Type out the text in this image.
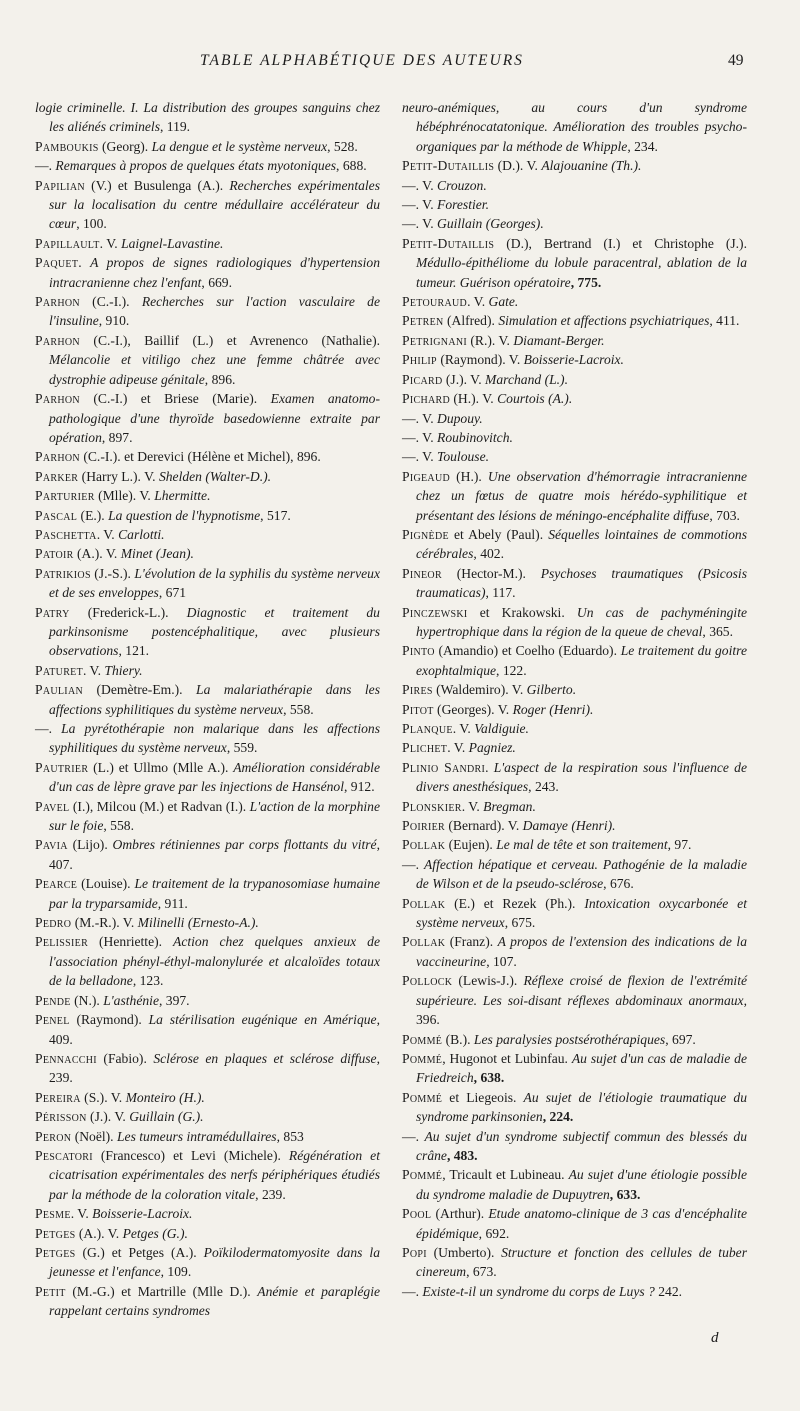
TABLE ALPHABÉTIQUE DES AUTEURS	49

logie criminelle. I. La distribution des groupes sanguins chez les aliénés criminels, 119.

Pamboukis (Georg). La dengue et le système nerveux, 528.

—. Remarques à propos de quelques états myotoniques, 688.

Papilian (V.) et Busulenga (A.). Recherches expérimentales sur la localisation du centre médullaire accélérateur du cœur, 100.

Papillault. V. Laignel-Lavastine.

Paquet. A propos de signes radiologiques d'hypertension intracranienne chez l'enfant, 669.

Parhon (C.-I.). Recherches sur l'action vasculaire de l'insuline, 910.

Parhon (C.-I.), Baillif (L.) et Avrenenco (Nathalie). Mélancolie et vitiligo chez une femme châtrée avec dystrophie adipeuse génitale, 896.

Parhon (C.-I.) et Briese (Marie). Examen anatomo-pathologique d'une thyroïde basedowienne extraite par opération, 897.

Parhon (C.-I.). et Derevici (Hélène et Michel), 896.

Parker (Harry L.). V. Shelden (Walter-D.).

Parturier (Mlle). V. Lhermitte.

Pascal (E.). La question de l'hypnotisme, 517.

Paschetta. V. Carlotti.

Patoir (A.). V. Minet (Jean).

Patrikios (J.-S.). L'évolution de la syphilis du système nerveux et de ses enveloppes, 671

Patry (Frederick-L.). Diagnostic et traitement du parkinsonisme postencéphalitique, avec plusieurs observations, 121.

Paturet. V. Thiery.

Paulian (Demètre-Em.). La malariathérapie dans les affections syphilitiques du système nerveux, 558.

—. La pyrétothérapie non malarique dans les affections syphilitiques du système nerveux, 559.

Pautrier (L.) et Ullmo (Mlle A.). Amélioration considérable d'un cas de lèpre grave par les injections de Hansénol, 912.

Pavel (I.), Milcou (M.) et Radvan (I.). L'action de la morphine sur le foie, 558.

Pavia (Lijo). Ombres rétiniennes par corps flottants du vitré, 407.

Pearce (Louise). Le traitement de la trypanosomiase humaine par la tryparsamide, 911.

Pedro (M.-R.). V. Milinelli (Ernesto-A.).

Pelissier (Henriette). Action chez quelques anxieux de l'association phényl-éthyl-malonylurée et alcaloïdes totaux de la belladone, 123.

Pende (N.). L'asthénie, 397.

Penel (Raymond). La stérilisation eugénique en Amérique, 409.

Pennacchi (Fabio). Sclérose en plaques et sclérose diffuse, 239.

Pereira (S.). V. Monteiro (H.).

Périsson (J.). V. Guillain (G.).

Peron (Noël). Les tumeurs intramédullaires, 853

Pescatori (Francesco) et Levi (Michele). Régénération et cicatrisation expérimentales des nerfs périphériques étudiés par la méthode de la coloration vitale, 239.

Pesme. V. Boisserie-Lacroix.

Petges (A.). V. Petges (G.).

Petges (G.) et Petges (A.). Poïkilodermatomyosite dans la jeunesse et l'enfance, 109.

Petit (M.-G.) et Martrille (Mlle D.). Anémie et paraplégie rappelant certains syndromes

neuro-anémiques, au cours d'un syndrome hébéphrénocatatonique. Amélioration des troubles psycho-organiques par la méthode de Whipple, 234.

Petit-Dutaillis (D.). V. Alajouanine (Th.).

—. V. Crouzon.

—. V. Forestier.

—. V. Guillain (Georges).

Petit-Dutaillis (D.), Bertrand (I.) et Christophe (J.). Médullo-épithéliome du lobule paracentral, ablation de la tumeur. Guérison opératoire, 775.

Petouraud. V. Gate.

Petren (Alfred). Simulation et affections psychiatriques, 411.

Petrignani (R.). V. Diamant-Berger.

Philip (Raymond). V. Boisserie-Lacroix.

Picard (J.). V. Marchand (L.).

Pichard (H.). V. Courtois (A.).

—. V. Dupouy.

—. V. Roubinovitch.

—. V. Toulouse.

Pigeaud (H.). Une observation d'hémorragie intracranienne chez un fœtus de quatre mois hérédo-syphilitique et présentant des lésions de méningo-encéphalite diffuse, 703.

Pignède et Abely (Paul). Séquelles lointaines de commotions cérébrales, 402.

Pineor (Hector-M.). Psychoses traumatiques (Psicosis traumaticas), 117.

Pinczewski et Krakowski. Un cas de pachyméningite hypertrophique dans la région de la queue de cheval, 365.

Pinto (Amandio) et Coelho (Eduardo). Le traitement du goitre exophtalmique, 122.

Pires (Waldemiro). V. Gilberto.

Pitot (Georges). V. Roger (Henri).

Planque. V. Valdiguie.

Plichet. V. Pagniez.

Plinio Sandri. L'aspect de la respiration sous l'influence de divers anesthésiques, 243.

Plonskier. V. Bregman.

Poirier (Bernard). V. Damaye (Henri).

Pollak (Eujen). Le mal de tête et son traitement, 97.

—. Affection hépatique et cerveau. Pathogénie de la maladie de Wilson et de la pseudo-sclérose, 676.

Pollak (E.) et Rezek (Ph.). Intoxication oxycarbonée et système nerveux, 675.

Pollak (Franz). A propos de l'extension des indications de la vaccineurine, 107.

Pollock (Lewis-J.). Réflexe croisé de flexion de l'extrémité supérieure. Les soi-disant réflexes abdominaux anormaux, 396.

Pommé (B.). Les paralysies postsérothérapiques, 697.

Pommé, Hugonot et Lubinfau. Au sujet d'un cas de maladie de Friedreich, 638.

Pommé et Liegeois. Au sujet de l'étiologie traumatique du syndrome parkinsonien, 224.

—. Au sujet d'un syndrome subjectif commun des blessés du crâne, 483.

Pommé, Tricault et Lubineau. Au sujet d'une étiologie possible du syndrome maladie de Dupuytren, 633.

Pool (Arthur). Etude anatomo-clinique de 3 cas d'encéphalite épidémique, 692.

Popi (Umberto). Structure et fonction des cellules de tuber cinereum, 673.

—. Existe-t-il un syndrome du corps de Luys ? 242.

d
